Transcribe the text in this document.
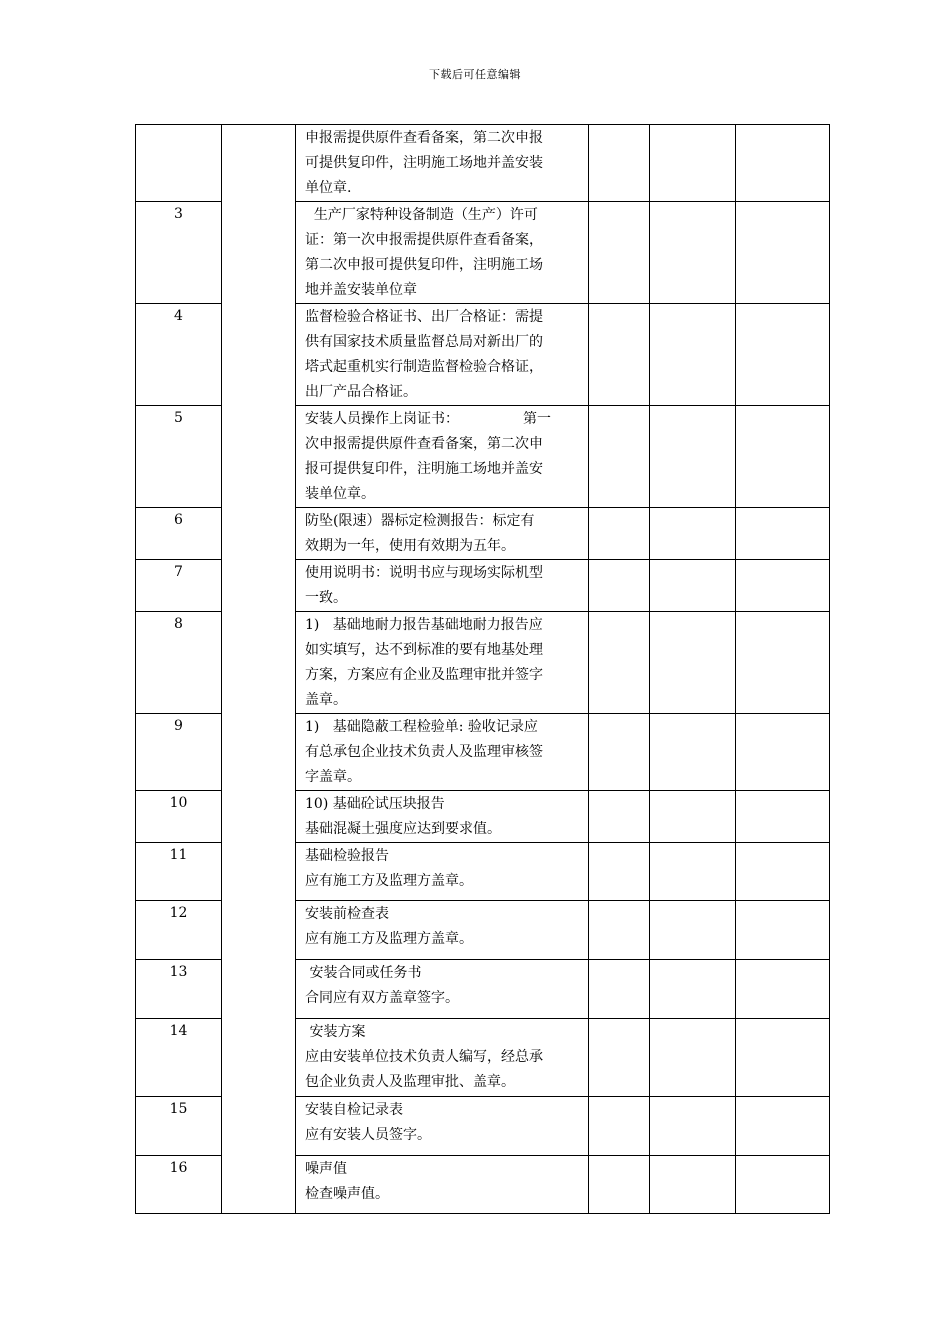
下载后可任意编辑

		申报需提供原件查看备案，第二次申报
可提供复印件，注明施工场地并盖安装
单位章.			

3		生产厂家特种设备制造（生产）许可
证：第一次申报需提供原件查看备案，
第二次申报可提供复印件，注明施工场
地并盖安装单位章			

4		监督检验合格证书、出厂合格证：需提
供有国家技术质量监督总局对新出厂的
塔式起重机实行制造监督检验合格证，
出厂产品合格证。			

5		安装人员操作上岗证书： 第一
次申报需提供原件查看备案，第二次申
报可提供复印件，注明施工场地并盖安
装单位章。			

6		防坠(限速）器标定检测报告：标定有
效期为一年，使用有效期为五年。			

7		使用说明书：说明书应与现场实际机型
一致。			

8		1)   基础地耐力报告基础地耐力报告应
如实填写，达不到标准的要有地基处理
方案，方案应有企业及监理审批并签字
盖章。			

9		1)   基础隐蔽工程检验单: 验收记录应
有总承包企业技术负责人及监理审核签
字盖章。			

10		10) 基础砼试压块报告
基础混凝土强度应达到要求值。			

11		基础检验报告
应有施工方及监理方盖章。			

12		安装前检查表
应有施工方及监理方盖章。			

13		安装合同或任务书
合同应有双方盖章签字。			

14		安装方案
应由安装单位技术负责人编写，经总承
包企业负责人及监理审批、盖章。			

15		安装自检记录表
应有安装人员签字。			

16		噪声值
检查噪声值。			
